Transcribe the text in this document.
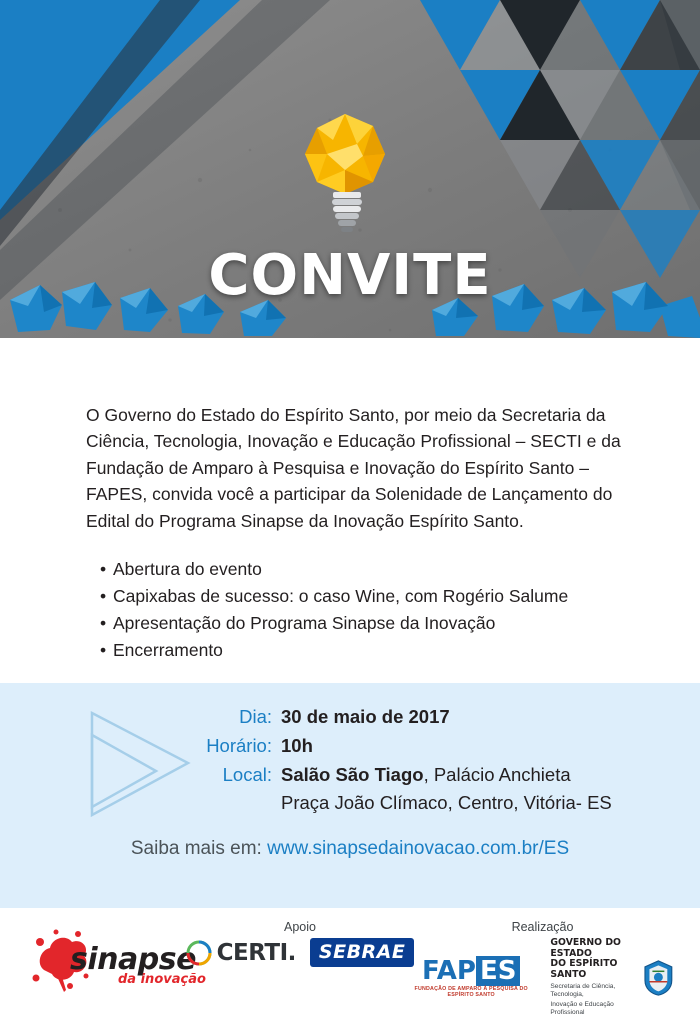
CONVITE

O Governo do Estado do Espírito Santo, por meio da Secretaria da Ciência, Tecnologia, Inovação e Educação Profissional – SECTI e da Fundação de Amparo à Pesquisa e Inovação do Espírito Santo – FAPES, convida você a participar da Solenidade de Lançamento do Edital do Programa Sinapse da Inovação Espírito Santo.

• Abertura do evento
• Capixabas de sucesso: o caso Wine, com Rogério Salume
• Apresentação do Programa Sinapse da Inovação
• Encerramento
Dia: 30 de maio de 2017
Horário: 10h
Local: Salão São Tiago, Palácio Anchieta
Praça João Clímaco, Centro, Vitória- ES
Saiba mais em: www.sinapsedainovacao.com.br/ES
sinapse
da inovação
Apoio
CERTI.	SEBRAE
Realização
FAP ES
FUNDAÇÃO DE AMPARO À PESQUISA DO ESPÍRITO SANTO
GOVERNO DO ESTADO
DO ESPÍRITO SANTO
Secretaria de Ciência, Tecnologia,
Inovação e Educação Profissional
